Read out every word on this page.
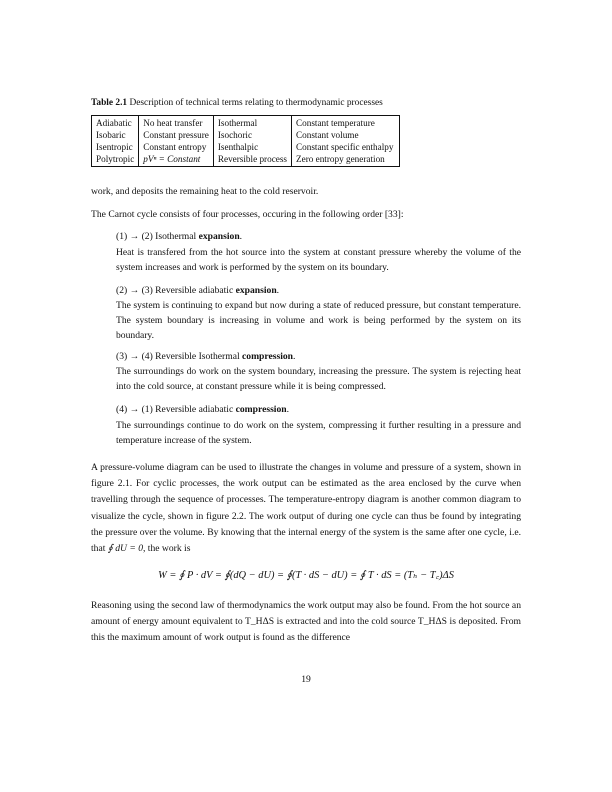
Table 2.1 Description of technical terms relating to thermodynamic processes
Adiabatic	No heat transfer	Isothermal	Constant temperature
Isobaric	Constant pressure	Isochoric	Constant volume
Isentropic	Constant entropy	Isenthalpic	Constant specific enthalpy
Polytropic	pVⁿ = Constant	Reversible process	Zero entropy generation
work, and deposits the remaining heat to the cold reservoir.
The Carnot cycle consists of four processes, occuring in the following order [33]:
(1) → (2) Isothermal expansion.
Heat is transfered from the hot source into the system at constant pressure whereby the volume of the system increases and work is performed by the system on its boundary.
(2) → (3) Reversible adiabatic expansion.
The system is continuing to expand but now during a state of reduced pressure, but constant temperature. The system boundary is increasing in volume and work is being performed by the system on its boundary.
(3) → (4) Reversible Isothermal compression.
The surroundings do work on the system boundary, increasing the pressure. The system is rejecting heat into the cold source, at constant pressure while it is being compressed.
(4) → (1) Reversible adiabatic compression.
The surroundings continue to do work on the system, compressing it further resulting in a pressure and temperature increase of the system.
A pressure-volume diagram can be used to illustrate the changes in volume and pressure of a system, shown in figure 2.1. For cyclic processes, the work output can be estimated as the area enclosed by the curve when travelling through the sequence of processes. The temperature-entropy diagram is another common diagram to visualize the cycle, shown in figure 2.2. The work output of during one cycle can thus be found by integrating the pressure over the volume. By knowing that the internal energy of the system is the same after one cycle, i.e. that ∮ dU = 0, the work is
W = ∮ P · dV = ∮(dQ − dU) = ∮(T · dS − dU) = ∮ T · dS = (Tₕ − T꜀)ΔS
Reasoning using the second law of thermodynamics the work output may also be found. From the hot source an amount of energy amount equivalent to T_HΔS is extracted and into the cold source T_HΔS is deposited. From this the maximum amount of work output is found as the difference
19
